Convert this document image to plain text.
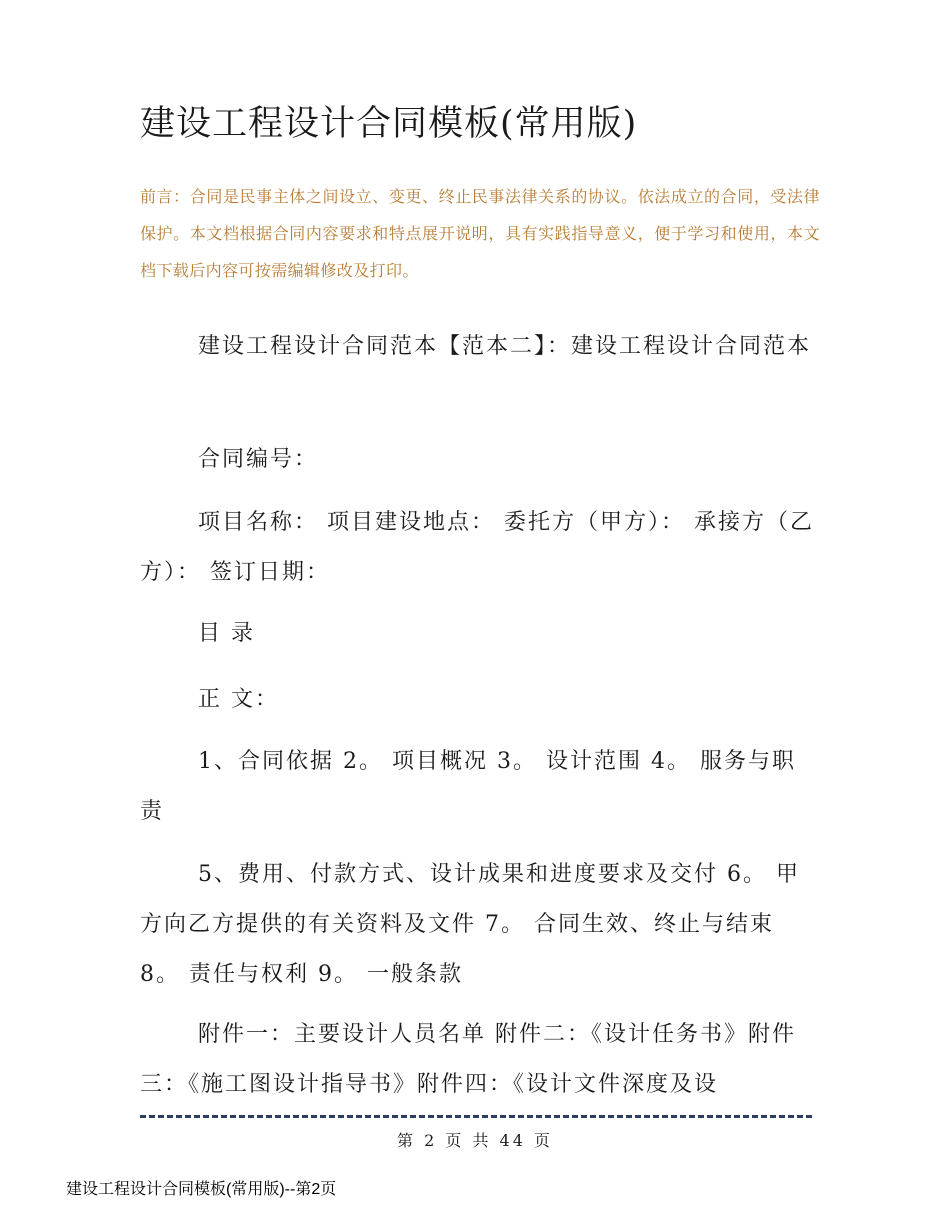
建设工程设计合同模板(常用版)
前言：合同是民事主体之间设立、变更、终止民事法律关系的协议。依法成立的合同，受法律保护。本文档根据合同内容要求和特点展开说明，具有实践指导意义，便于学习和使用，本文档下载后内容可按需编辑修改及打印。
建设工程设计合同范本【范本二】：建设工程设计合同范本
合同编号：
项目名称： 项目建设地点： 委托方（甲方）： 承接方（乙方）： 签订日期：
目 录
正 文：
1、合同依据 2。 项目概况 3。 设计范围 4。 服务与职责
5、费用、付款方式、设计成果和进度要求及交付 6。 甲方向乙方提供的有关资料及文件 7。 合同生效、终止与结束 8。 责任与权利 9。 一般条款
附件一：主要设计人员名单 附件二：《设计任务书》附件三：《施工图设计指导书》附件四：《设计文件深度及设
第 2 页 共 44 页
建设工程设计合同模板(常用版)--第2页
